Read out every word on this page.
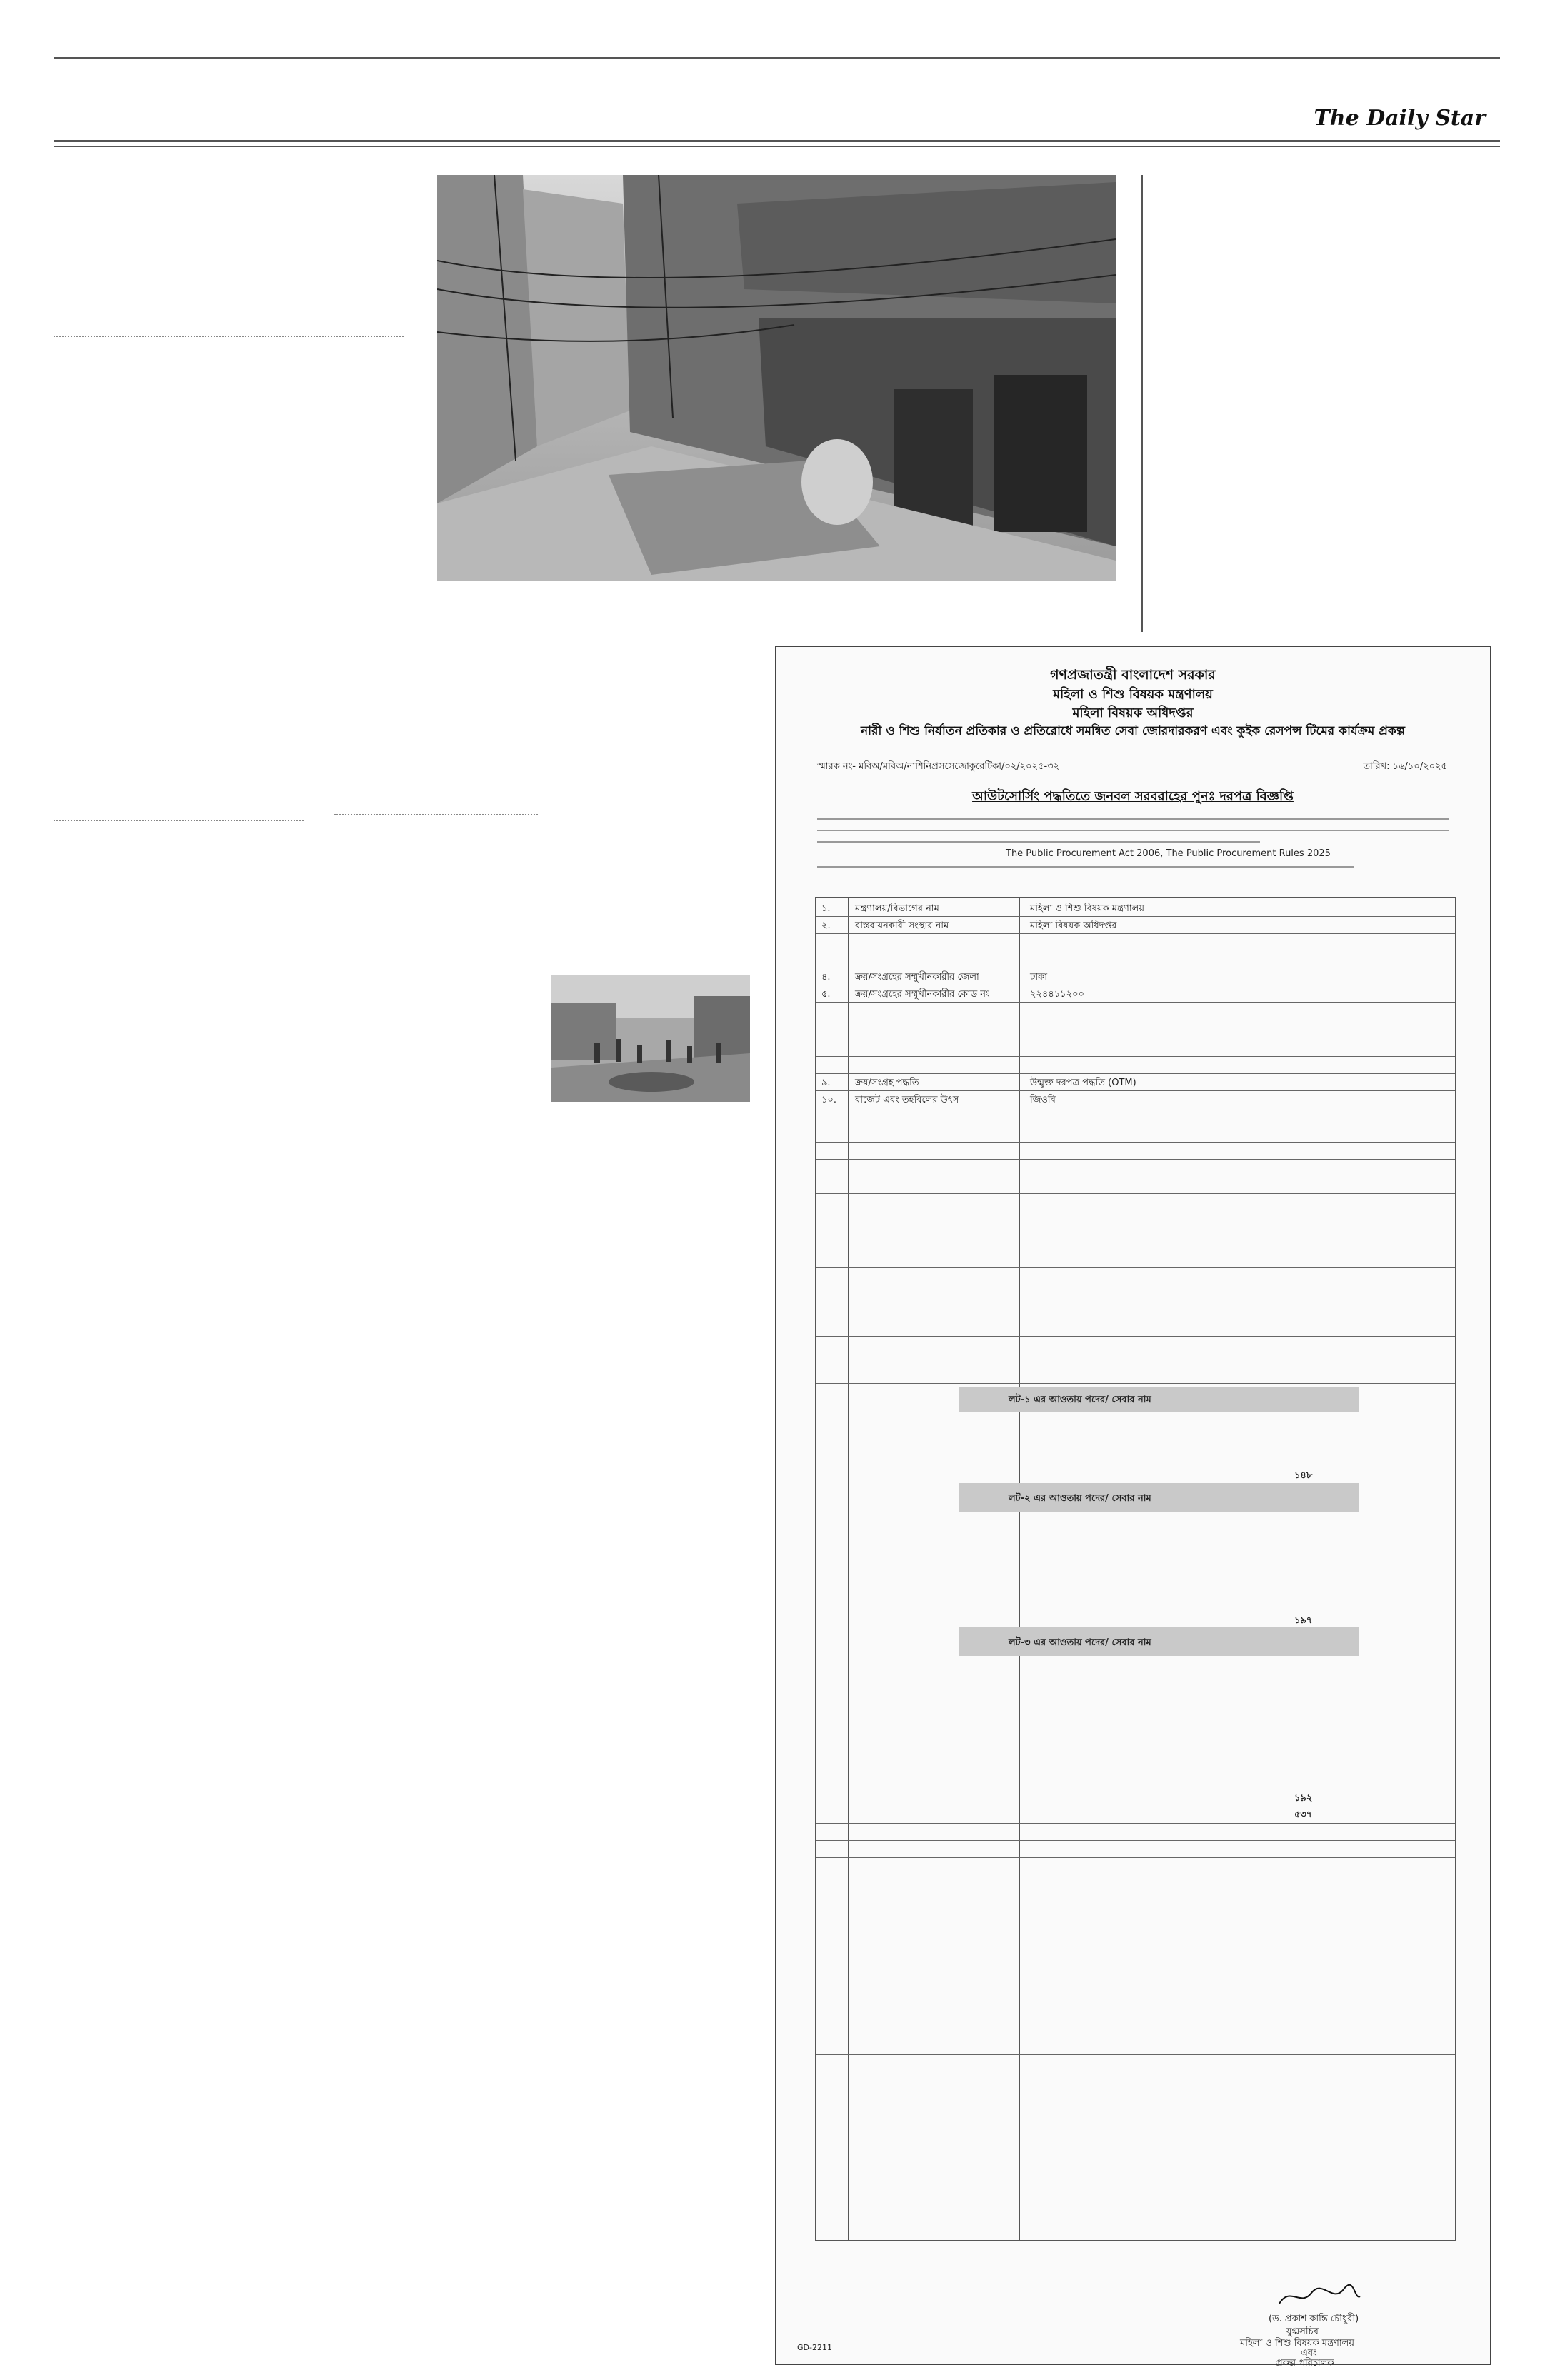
The Daily Star
গণপ্রজাতন্ত্রী বাংলাদেশ সরকার
মহিলা ও শিশু বিষয়ক মন্ত্রণালয়
মহিলা বিষয়ক অধিদপ্তর
নারী ও শিশু নির্যাতন প্রতিকার ও প্রতিরোধে সমন্বিত সেবা জোরদারকরণ এবং কুইক রেসপন্স টিমের কার্যক্রম প্রকল্প
স্মারক নং- মবিঅ/মবিঅ/নাশিনিপ্রসসেজোকুরেটিকা/০২/২০২৫-৩২	তারিখ: ১৬/১০/২০২৫
আউটসোর্সিং পদ্ধতিতে জনবল সরবরাহের পুনঃ দরপত্র বিজ্ঞপ্তি
The Public Procurement Act 2006, The Public Procurement Rules 2025
১.	মন্ত্রণালয়/বিভাগের নাম	মহিলা ও শিশু বিষয়ক মন্ত্রণালয়
২.	বাস্তবায়নকারী সংস্থার নাম	মহিলা বিষয়ক অধিদপ্তর
৪.	ক্রয়/সংগ্রহের সম্মুখীনকারীর জেলা	ঢাকা
৫.	ক্রয়/সংগ্রহের সম্মুখীনকারীর কোড নং	২২৪৪১১২০০
৯.	ক্রয়/সংগ্রহ পদ্ধতি	উন্মুক্ত দরপত্র পদ্ধতি (OTM)
১০. বাজেট এবং তহবিলের উৎস	জিওবি
লট-১ এর আওতায় পদের/ সেবার নাম
১৪৮
লট-২ এর আওতায় পদের/ সেবার নাম
১৯৭
লট-৩ এর আওতায় পদের/ সেবার নাম
১৯২
৫৩৭
(ড. প্রকাশ কান্তি চৌধুরী)
যুগ্মসচিব
মহিলা ও শিশু বিষয়ক মন্ত্রণালয়
এবং
প্রকল্প পরিচালক
GD-2211
